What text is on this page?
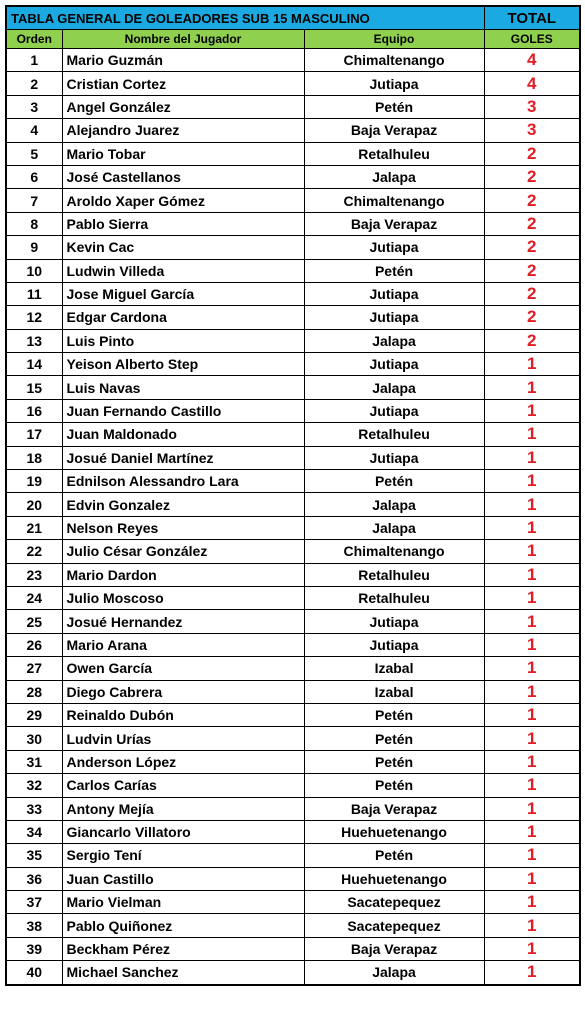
TABLA GENERAL DE GOLEADORES SUB 15 MASCULINO			TOTAL
Orden	Nombre del Jugador	Equipo	GOLES
1	Mario Guzmán	Chimaltenango	4
2	Cristian Cortez	Jutiapa	4
3	Angel González	Petén	3
4	Alejandro Juarez	Baja Verapaz	3
5	Mario Tobar	Retalhuleu	2
6	José Castellanos	Jalapa	2
7	Aroldo Xaper Gómez	Chimaltenango	2
8	Pablo Sierra	Baja Verapaz	2
9	Kevin Cac	Jutiapa	2
10	Ludwin Villeda	Petén	2
11	Jose Miguel García	Jutiapa	2
12	Edgar Cardona	Jutiapa	2
13	Luis Pinto	Jalapa	2
14	Yeison Alberto Step	Jutiapa	1
15	Luis Navas	Jalapa	1
16	Juan Fernando Castillo	Jutiapa	1
17	Juan Maldonado	Retalhuleu	1
18	Josué Daniel Martínez	Jutiapa	1
19	Ednilson Alessandro Lara	Petén	1
20	Edvin Gonzalez	Jalapa	1
21	Nelson Reyes	Jalapa	1
22	Julio César González	Chimaltenango	1
23	Mario Dardon	Retalhuleu	1
24	Julio Moscoso	Retalhuleu	1
25	Josué Hernandez	Jutiapa	1
26	Mario Arana	Jutiapa	1
27	Owen García	Izabal	1
28	Diego Cabrera	Izabal	1
29	Reinaldo Dubón	Petén	1
30	Ludvin Urías	Petén	1
31	Anderson López	Petén	1
32	Carlos Carías	Petén	1
33	Antony Mejía	Baja Verapaz	1
34	Giancarlo Villatoro	Huehuetenango	1
35	Sergio Tení	Petén	1
36	Juan Castillo	Huehuetenango	1
37	Mario Vielman	Sacatepequez	1
38	Pablo Quiñonez	Sacatepequez	1
39	Beckham Pérez	Baja Verapaz	1
40	Michael Sanchez	Jalapa	1
